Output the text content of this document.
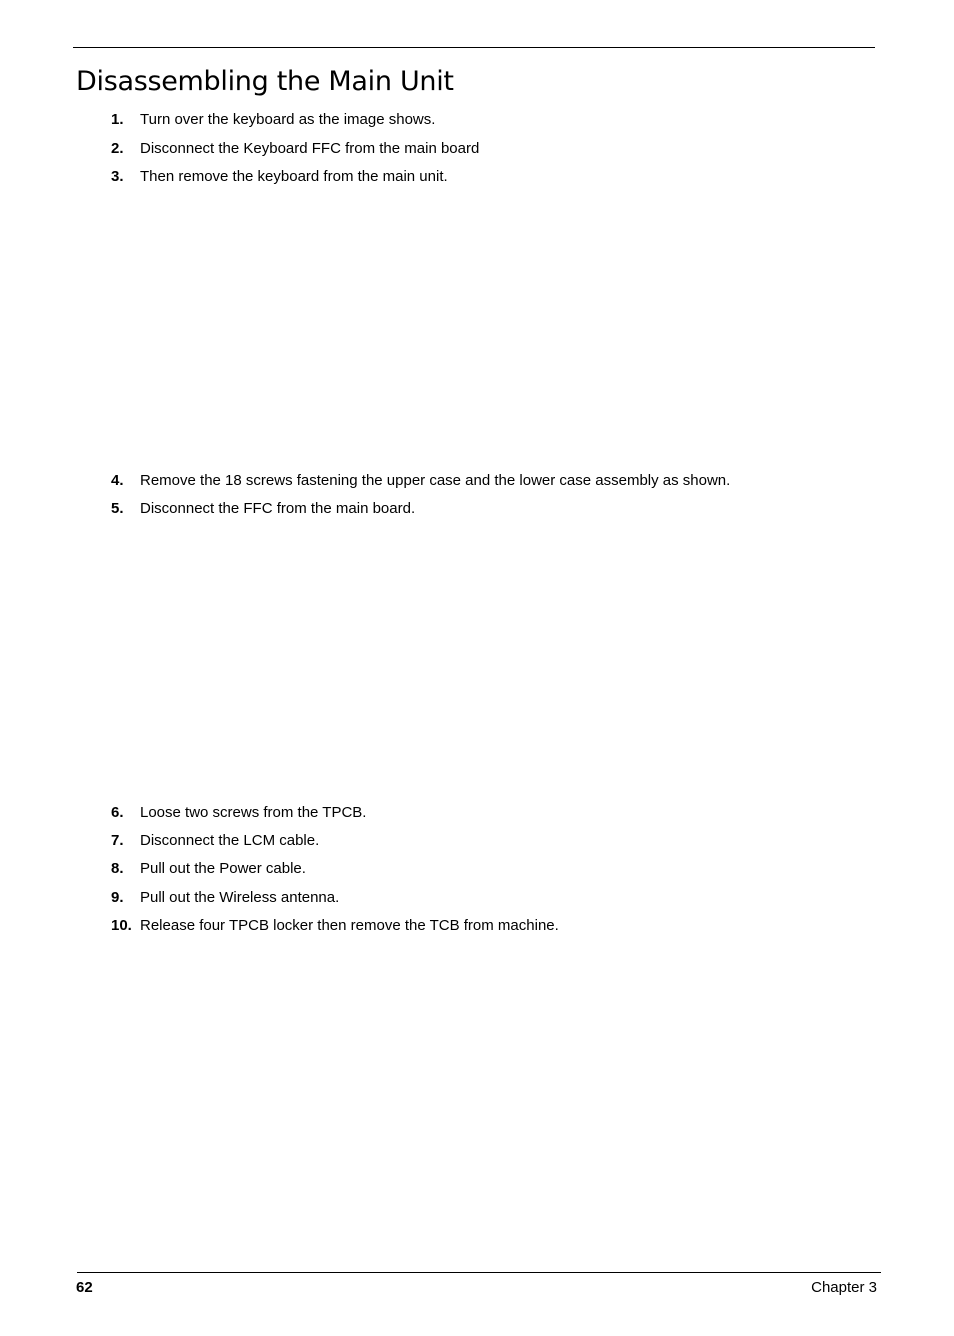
Disassembling the Main Unit
1. Turn over the keyboard as the image shows.
2. Disconnect the Keyboard FFC from the main board
3. Then remove the keyboard from the main unit.
4. Remove the 18 screws fastening the upper case and the lower case assembly as shown.
5. Disconnect the FFC from the main board.
6. Loose two screws from the TPCB.
7. Disconnect the LCM cable.
8. Pull out the Power cable.
9. Pull out the Wireless antenna.
10. Release four TPCB locker then remove the TCB from machine.
62	Chapter 3
